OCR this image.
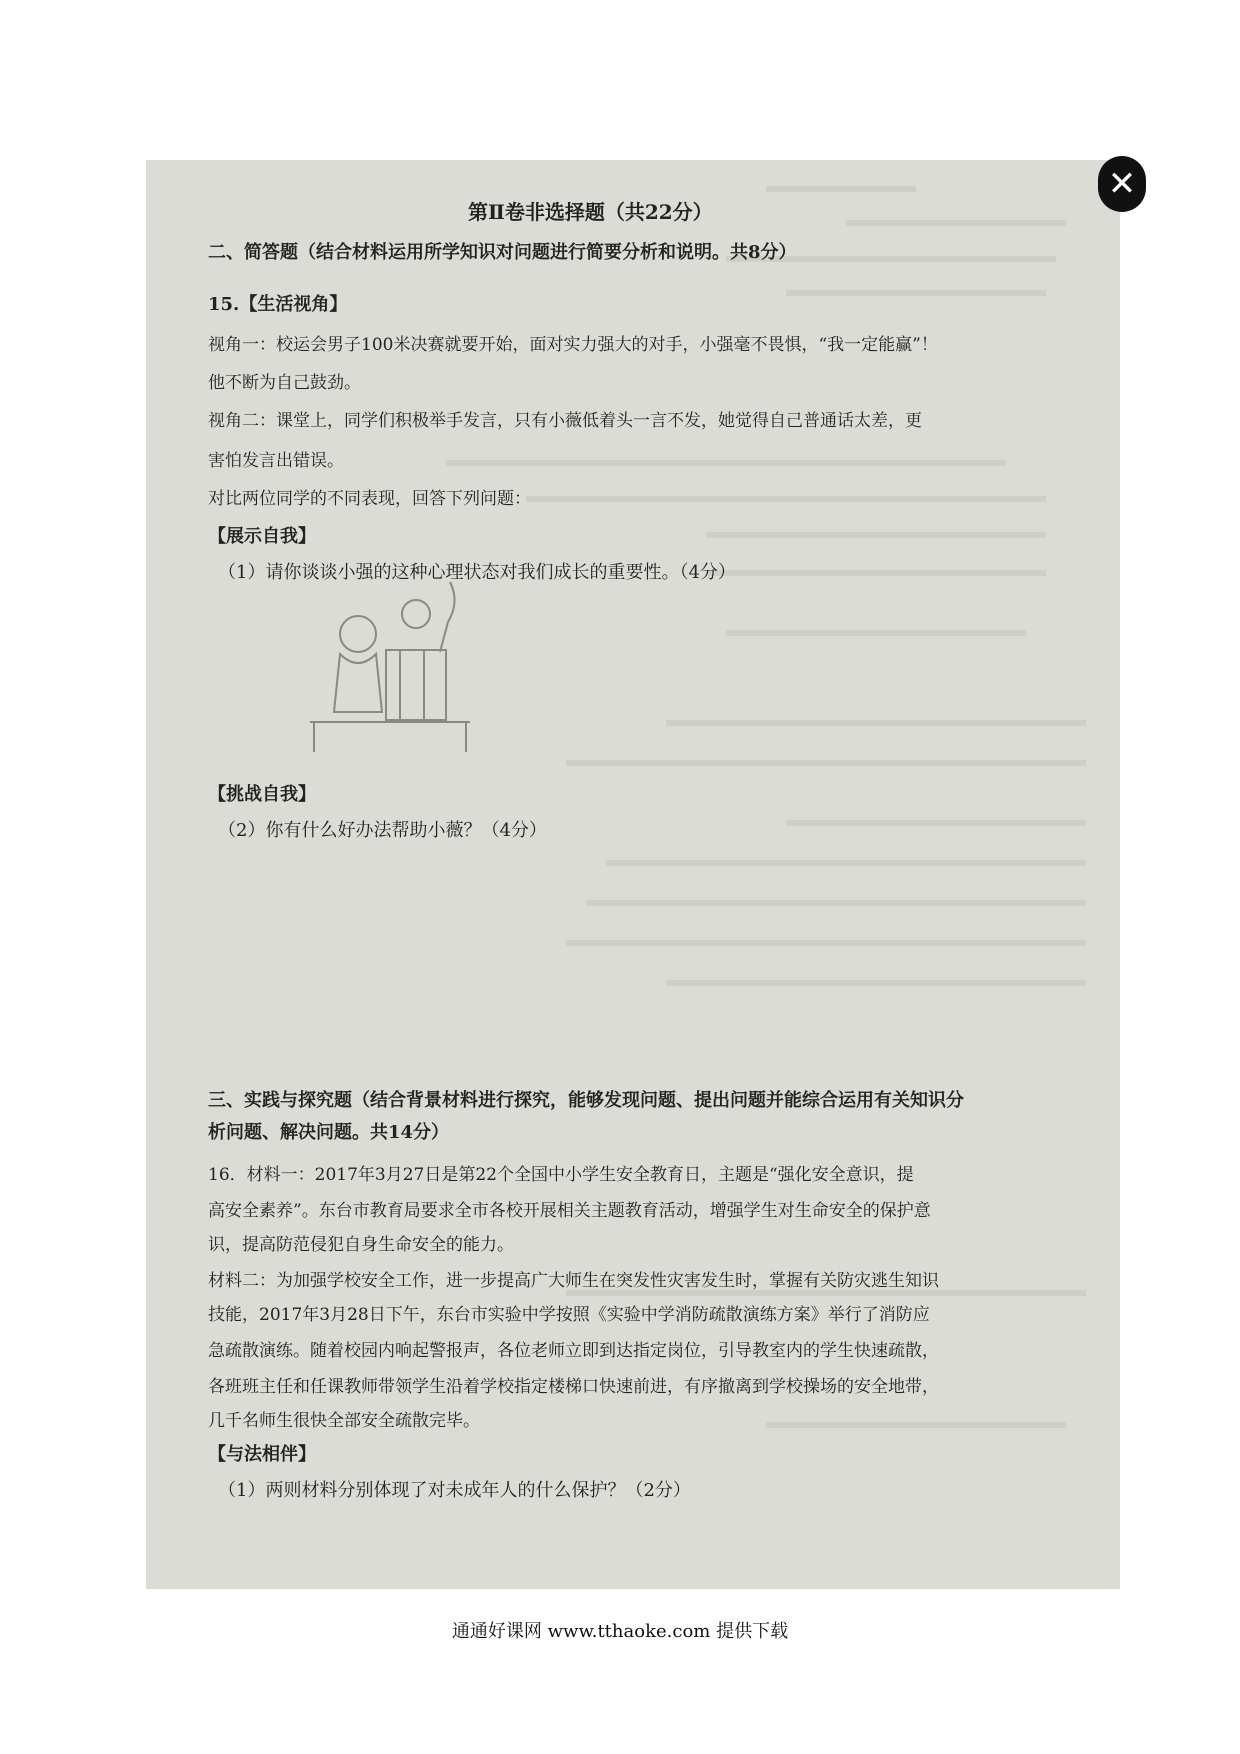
✕
第Ⅱ卷非选择题（共22分）
二、简答题（结合材料运用所学知识对问题进行简要分析和说明。共8分）
15.【生活视角】
视角一：校运会男子100米决赛就要开始，面对实力强大的对手，小强毫不畏惧，“我一定能赢”！
他不断为自己鼓劲。
视角二：课堂上，同学们积极举手发言，只有小薇低着头一言不发，她觉得自己普通话太差，更
害怕发言出错误。
对比两位同学的不同表现，回答下列问题：
【展示自我】
（1）请你谈谈小强的这种心理状态对我们成长的重要性。（4分）
【挑战自我】
（2）你有什么好办法帮助小薇？（4分）
三、实践与探究题（结合背景材料进行探究，能够发现问题、提出问题并能综合运用有关知识分
析问题、解决问题。共14分）
16．材料一：2017年3月27日是第22个全国中小学生安全教育日，主题是“强化安全意识，提
高安全素养”。东台市教育局要求全市各校开展相关主题教育活动，增强学生对生命安全的保护意
识，提高防范侵犯自身生命安全的能力。
材料二：为加强学校安全工作，进一步提高广大师生在突发性灾害发生时，掌握有关防灾逃生知识
技能，2017年3月28日下午，东台市实验中学按照《实验中学消防疏散演练方案》举行了消防应
急疏散演练。随着校园内响起警报声，各位老师立即到达指定岗位，引导教室内的学生快速疏散，
各班班主任和任课教师带领学生沿着学校指定楼梯口快速前进，有序撤离到学校操场的安全地带，
几千名师生很快全部安全疏散完毕。
【与法相伴】
（1）两则材料分别体现了对未成年人的什么保护？（2分）
通通好课网 www.tthaoke.com 提供下载
